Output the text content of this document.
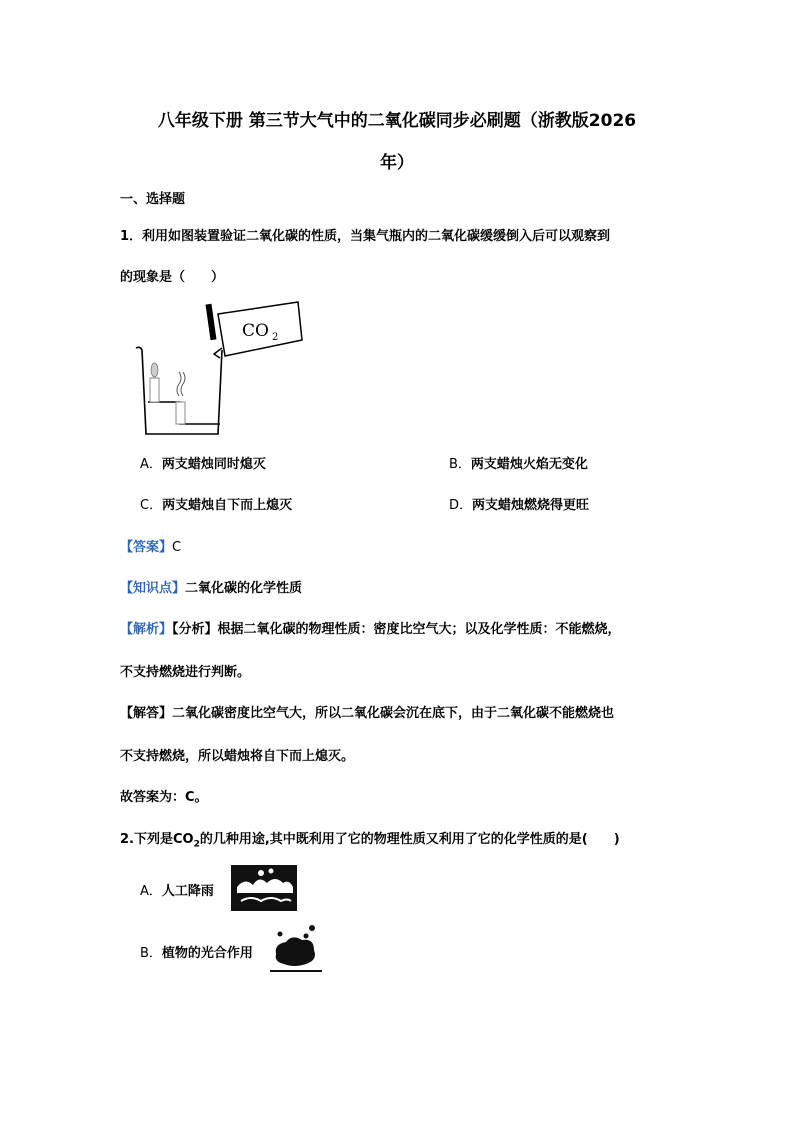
八年级下册 第三节大气中的二氧化碳同步必刷题（浙教版2026
年）
一、选择题
1．利用如图装置验证二氧化碳的性质，当集气瓶内的二氧化碳缓缓倒入后可以观察到
的现象是（　　）
CO 2
A．两支蜡烛同时熄灭	B．两支蜡烛火焰无变化
C．两支蜡烛自下而上熄灭	D．两支蜡烛燃烧得更旺
【答案】C
【知识点】二氧化碳的化学性质
【解析】【分析】根据二氧化碳的物理性质：密度比空气大；以及化学性质：不能燃烧，
不支持燃烧进行判断。
【解答】二氧化碳密度比空气大，所以二氧化碳会沉在底下，由于二氧化碳不能燃烧也
不支持燃烧，所以蜡烛将自下而上熄灭。
故答案为：C。
2.下列是$CO_2$的几种用途,其中既利用了它的物理性质又利用了它的化学性质的是(　　)
A．人工降雨
B．植物的光合作用
